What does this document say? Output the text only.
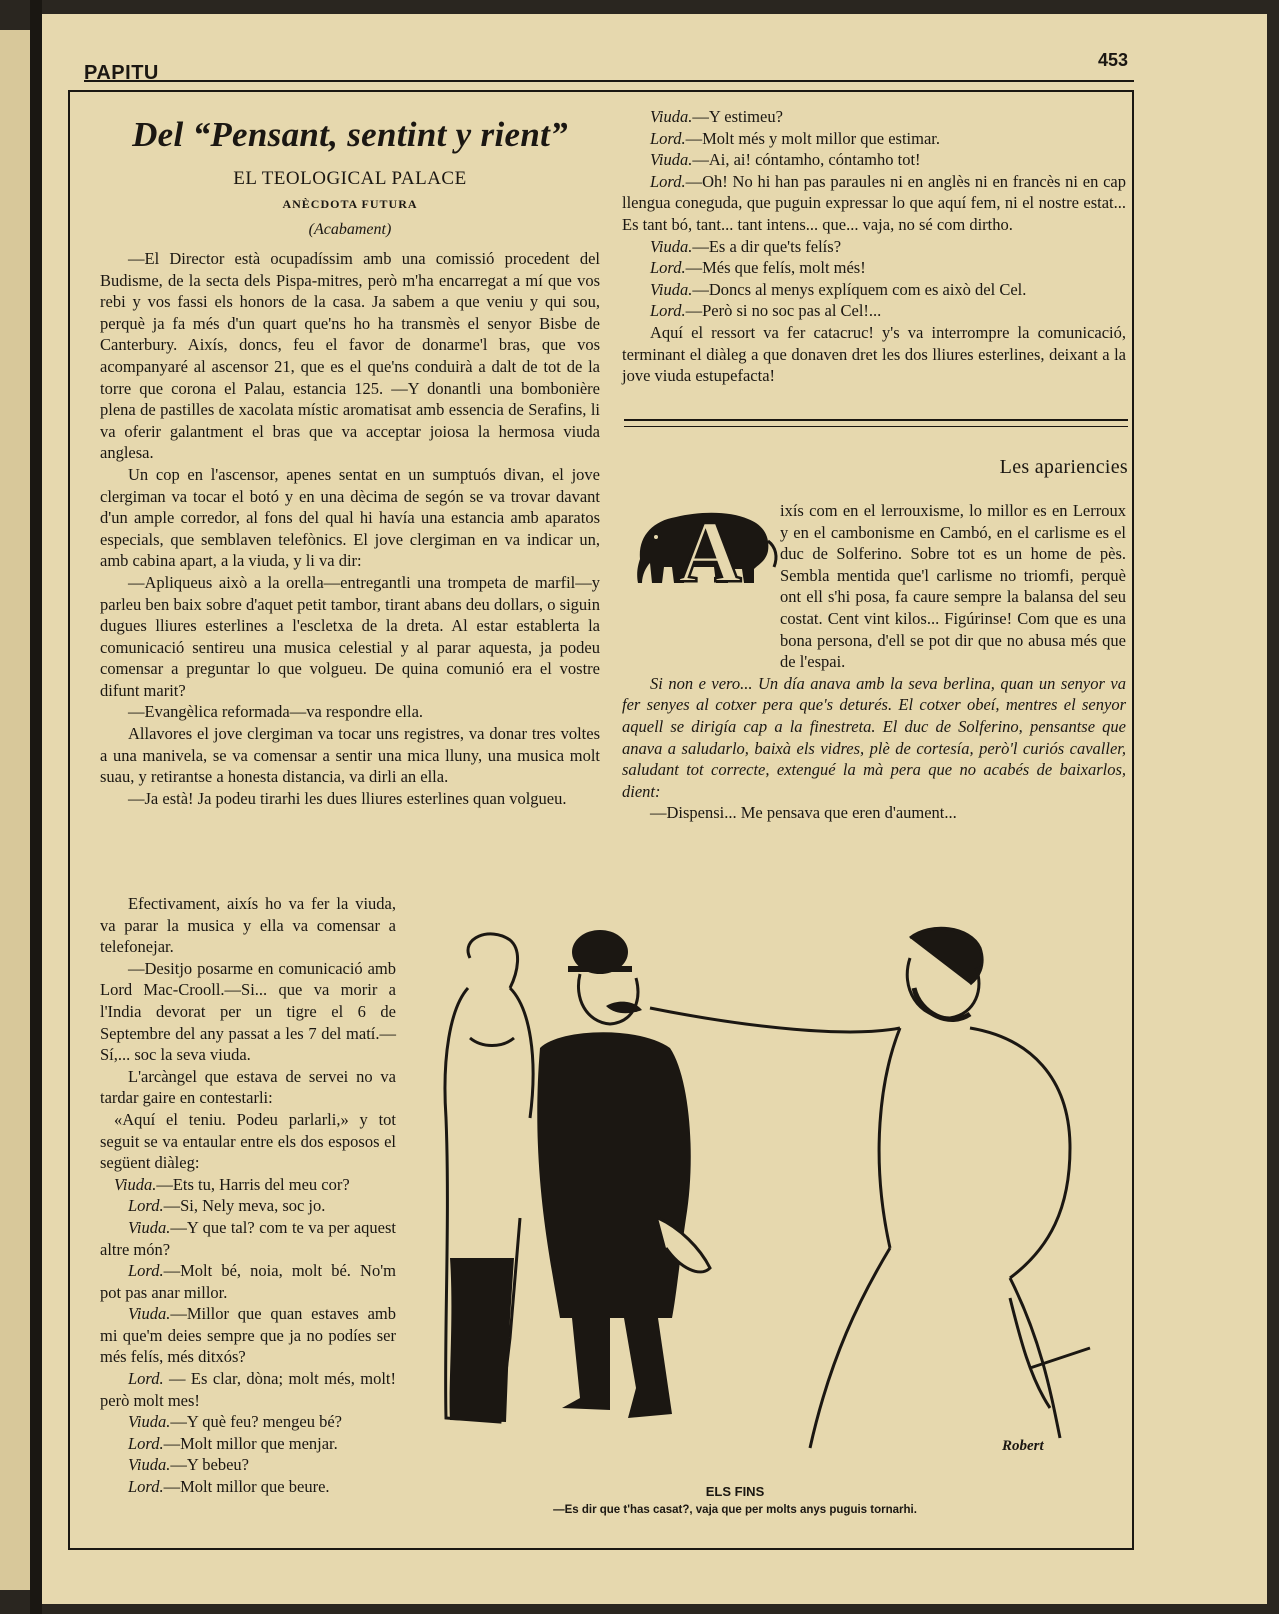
PAPITU
453
Del “Pensant, sentint y rient”
EL TEOLOGICAL PALACE
ANÈCDOTA FUTURA
(Acabament)

—El Director està ocupadíssim amb una comissió procedent del Budisme, de la secta dels Pispa-mitres, però m'ha encarregat a mí que vos rebi y vos fassi els honors de la casa. Ja sabem a que veniu y qui sou, perquè ja fa més d'un quart que'ns ho ha transmès el senyor Bisbe de Canterbury. Aixís, doncs, feu el favor de donarme'l bras, que vos acompanyaré al ascensor 21, que es el que'ns conduirà a dalt de tot de la torre que corona el Palau, estancia 125. —Y donantli una bombonière plena de pastilles de xacolata místic aromatisat amb essencia de Serafins, li va oferir galantment el bras que va acceptar joiosa la hermosa viuda anglesa.

Un cop en l'ascensor, apenes sentat en un sumptuós divan, el jove clergiman va tocar el botó y en una dècima de segón se va trovar davant d'un ample corredor, al fons del qual hi havía una estancia amb aparatos especials, que semblaven telefònics. El jove clergiman en va indicar un, amb cabina apart, a la viuda, y li va dir:

—Apliqueus això a la orella—entregantli una trompeta de marfil—y parleu ben baix sobre d'aquet petit tambor, tirant abans deu dollars, o siguin dugues lliures esterlines a l'escletxa de la dreta. Al estar establerta la comunicació sentireu una musica celestial y al parar aquesta, ja podeu comensar a preguntar lo que volgueu. De quina comunió era el vostre difunt marit?

—Evangèlica reformada—va respondre ella.

Allavores el jove clergiman va tocar uns registres, va donar tres voltes a una manivela, se va comensar a sentir una mica lluny, una musica molt suau, y retirantse a honesta distancia, va dirli an ella.

—Ja està! Ja podeu tirarhi les dues lliures esterlines quan volgueu.

Efectivament, aixís ho va fer la viuda, va parar la musica y ella va comensar a telefonejar.

—Desitjo posarme en comunicació amb Lord Mac-Crooll.—Si... que va morir a l'India devorat per un tigre el 6 de Septembre del any passat a les 7 del matí.—Sí,... soc la seva viuda.

L'arcàngel que estava de servei no va tardar gaire en contestarli:

«Aquí el teniu. Podeu parlarli,» y tot seguit se va entaular entre els dos esposos el següent diàleg:

Viuda.—Ets tu, Harris del meu cor?

Lord.—Si, Nely meva, soc jo.

Viuda.—Y que tal? com te va per aquest altre món?

Lord.—Molt bé, noia, molt bé. No'm pot pas anar millor.

Viuda.—Millor que quan estaves amb mi que'm deies sempre que ja no podíes ser més felís, més ditxós?

Lord. — Es clar, dòna; molt més, molt! però molt mes!

Viuda.—Y què feu? mengeu bé?

Lord.—Molt millor que menjar.

Viuda.—Y bebeu?

Lord.—Molt millor que beure.

Viuda.—Y estimeu?

Lord.—Molt més y molt millor que estimar.

Viuda.—Ai, ai! cóntamho, cóntamho tot!

Lord.—Oh! No hi han pas paraules ni en anglès ni en francès ni en cap llengua coneguda, que puguin expressar lo que aquí fem, ni el nostre estat... Es tant bó, tant... tant intens... que... vaja, no sé com dirtho.

Viuda.—Es a dir que'ts felís?

Lord.—Més que felís, molt més!

Viuda.—Doncs al menys explíquem com es això del Cel.

Lord.—Però si no soc pas al Cel!...

Aquí el ressort va fer catacruc! y's va interrompre la comunicació, terminant el diàleg a que donaven dret les dos lliures esterlines, deixant a la jove viuda estupefacta!

Les apariencies
A ixís com en el lerrouxisme, lo millor es en Lerroux y en el cambonisme en Cambó, en el carlisme es el duc de Solferino. Sobre tot es un home de pès. Sembla mentida que'l carlisme no triomfi, perquè ont ell s'hi posa, fa caure sempre la balansa del seu costat. Cent vint kilos... Figúrinse! Com que es una bona persona, d'ell se pot dir que no abusa més que de l'espai.

Si non e vero... Un día anava amb la seva berlina, quan un senyor va fer senyes al cotxer pera que's deturés. El cotxer obeí, mentres el senyor aquell se dirigía cap a la finestreta. El duc de Solferino, pensantse que anava a saludarlo, baixà els vidres, plè de cortesía, però'l curiós cavaller, saludant tot correcte, extengué la mà pera que no acabés de baixarlos, dient:

—Dispensi... Me pensava que eren d'aument...

Robert
ELS FINS
—Es dir que t'has casat?, vaja que per molts anys puguis tornarhi.
